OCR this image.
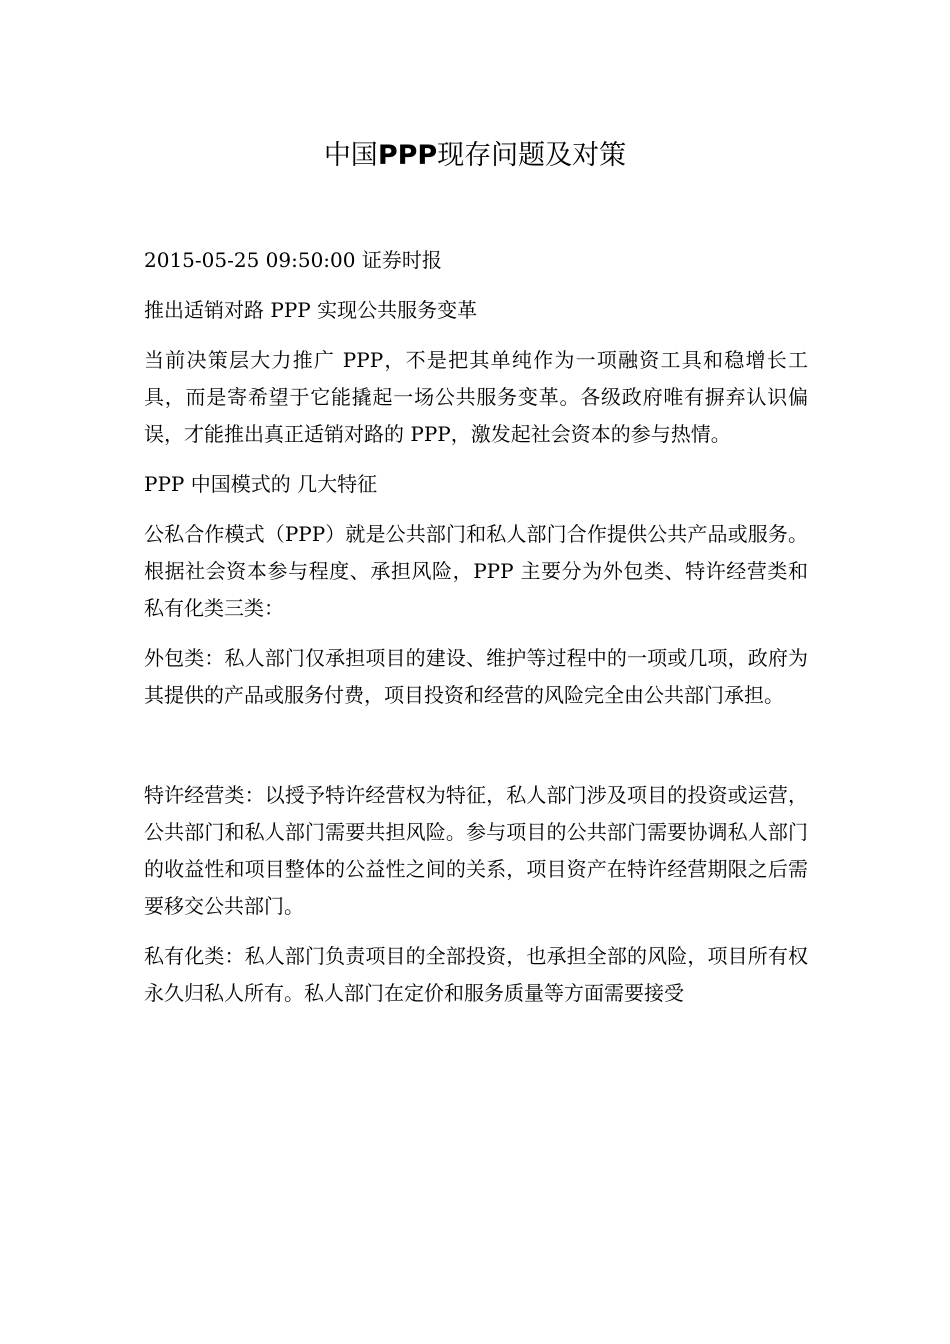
中国PPP现存问题及对策

2015-05-25 09:50:00 证券时报

推出适销对路 PPP 实现公共服务变革

当前决策层大力推广 PPP，不是把其单纯作为一项融资工具和稳增长工具，而是寄希望于它能撬起一场公共服务变革。各级政府唯有摒弃认识偏误，才能推出真正适销对路的 PPP，激发起社会资本的参与热情。

PPP 中国模式的 几大特征

公私合作模式（PPP）就是公共部门和私人部门合作提供公共产品或服务。根据社会资本参与程度、承担风险，PPP 主要分为外包类、特许经营类和私有化类三类：

外包类：私人部门仅承担项目的建设、维护等过程中的一项或几项，政府为其提供的产品或服务付费，项目投资和经营的风险完全由公共部门承担。

特许经营类：以授予特许经营权为特征，私人部门涉及项目的投资或运营，公共部门和私人部门需要共担风险。参与项目的公共部门需要协调私人部门的收益性和项目整体的公益性之间的关系，项目资产在特许经营期限之后需要移交公共部门。

私有化类：私人部门负责项目的全部投资，也承担全部的风险，项目所有权永久归私人所有。私人部门在定价和服务质量等方面需要接受
